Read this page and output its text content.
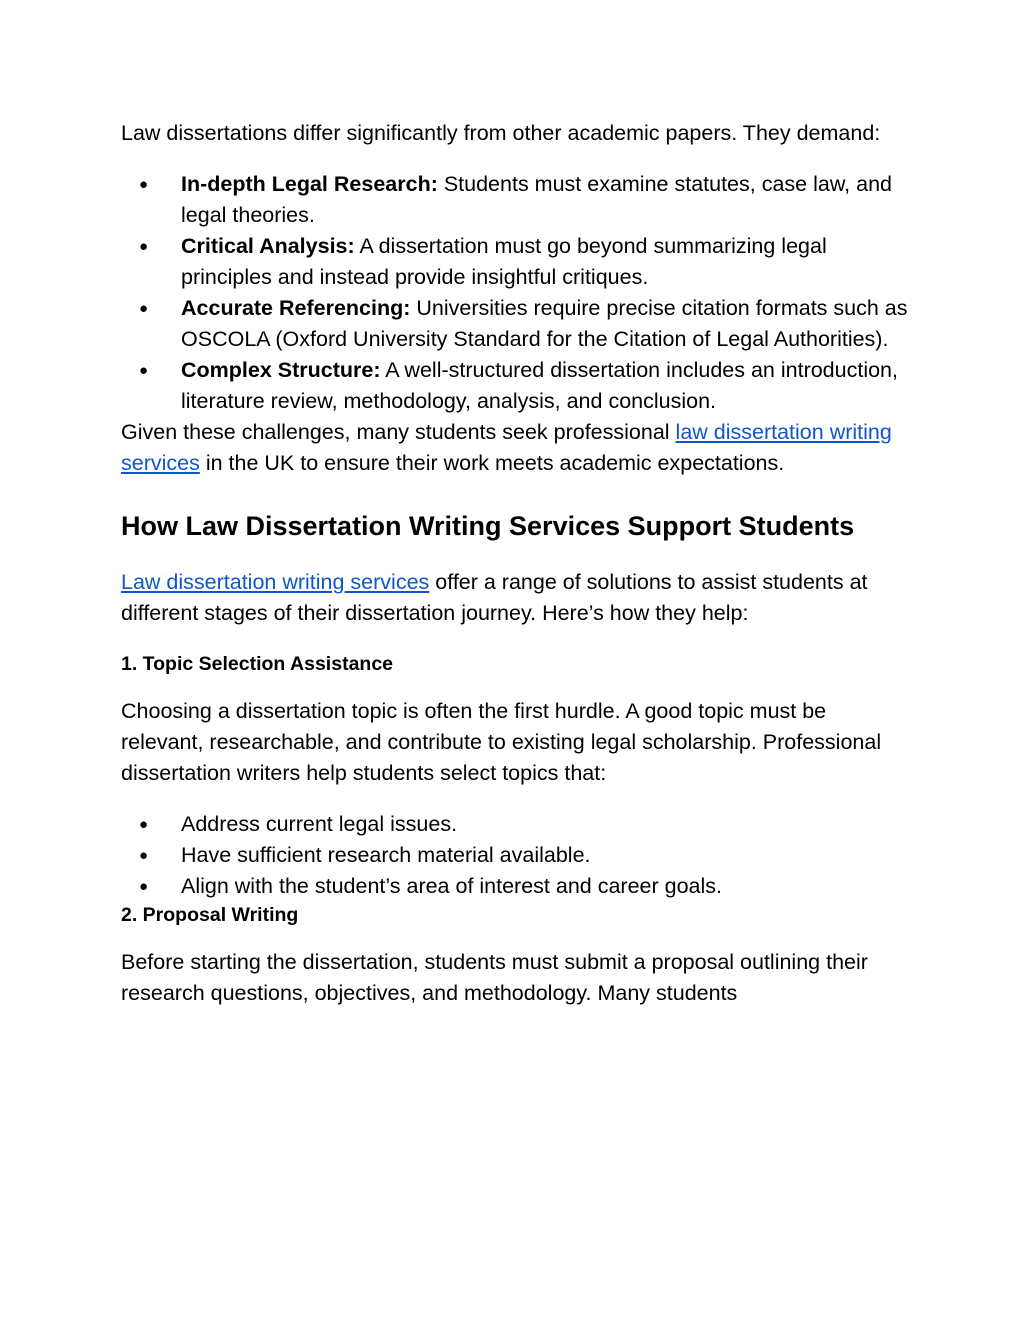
Law dissertations differ significantly from other academic papers. They demand:

● In-depth Legal Research: Students must examine statutes, case law, and legal theories.
● Critical Analysis: A dissertation must go beyond summarizing legal principles and instead provide insightful critiques.
● Accurate Referencing: Universities require precise citation formats such as OSCOLA (Oxford University Standard for the Citation of Legal Authorities).
● Complex Structure: A well-structured dissertation includes an introduction, literature review, methodology, analysis, and conclusion.

Given these challenges, many students seek professional law dissertation writing services in the UK to ensure their work meets academic expectations.

How Law Dissertation Writing Services Support Students

Law dissertation writing services offer a range of solutions to assist students at different stages of their dissertation journey. Here’s how they help:

1. Topic Selection Assistance

Choosing a dissertation topic is often the first hurdle. A good topic must be relevant, researchable, and contribute to existing legal scholarship. Professional dissertation writers help students select topics that:

● Address current legal issues.
● Have sufficient research material available.
● Align with the student’s area of interest and career goals.
2. Proposal Writing

Before starting the dissertation, students must submit a proposal outlining their research questions, objectives, and methodology. Many students
